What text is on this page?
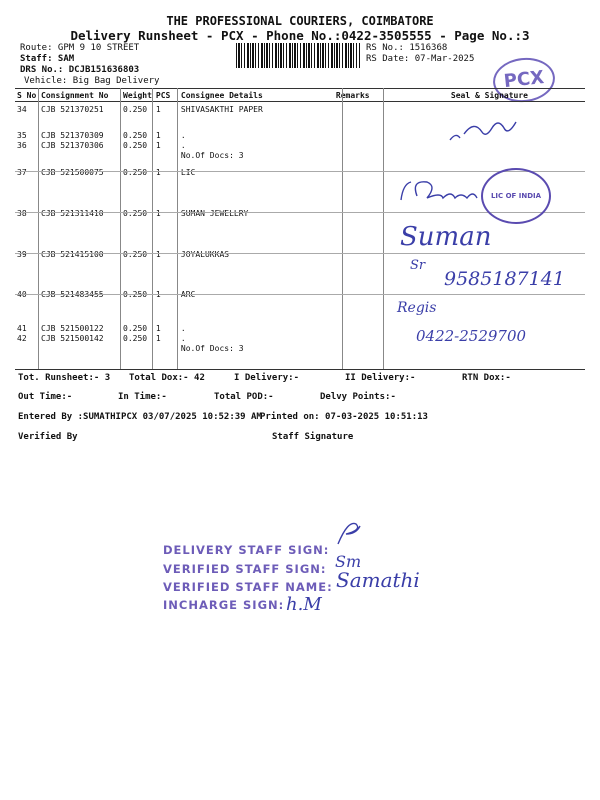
THE PROFESSIONAL COURIERS, COIMBATORE
Delivery Runsheet - PCX - Phone No.:0422-3505555 - Page No.:3
Route: GPM 9 10 STREET
Staff: SAM
DRS No.: DCJB151636803
Vehicle: Big Bag Delivery
RS No.: 1516368
RS Date: 07-Mar-2025
PCX
S No	Consignment No	Weight	PCS	Consignee Details	Remarks	Seal & Signature
34	CJB 521370251	0.250	1	SHIVASAKTHI PAPER		
35	CJB 521370309	0.250	1	.		
36	CJB 521370306	0.250	1	.		
				No.Of Docs: 3		
37	CJB 521500075	0.250	1	LIC		
38	CJB 521311410	0.250	1	SUMAN JEWELLRY		
39	CJB 521415100	0.250	1	JOYALUKKAS		
40	CJB 521483455	0.250	1	ARC		
41	CJB 521500122	0.250	1	.		
42	CJB 521500142	0.250	1	.		
				No.Of Docs: 3		
LIC OF INDIA
Suman
Sr
9585187141
Regis
0422-2529700
Tot. Runsheet:- 3 Total Dox:- 42	I Delivery:-	II Delivery:-	RTN Dox:-
Out Time:-	In Time:-	Total POD:-	Delvy Points:-
Entered By :SUMATHIPCX 03/07/2025 10:52:39 AM
Printed on: 07-03-2025 10:51:13
Verified By	Staff Signature
DELIVERY STAFF SIGN:
VERIFIED STAFF SIGN:
VERIFIED STAFF NAME:
INCHARGE SIGN:
Sm
Samathi
h.M
